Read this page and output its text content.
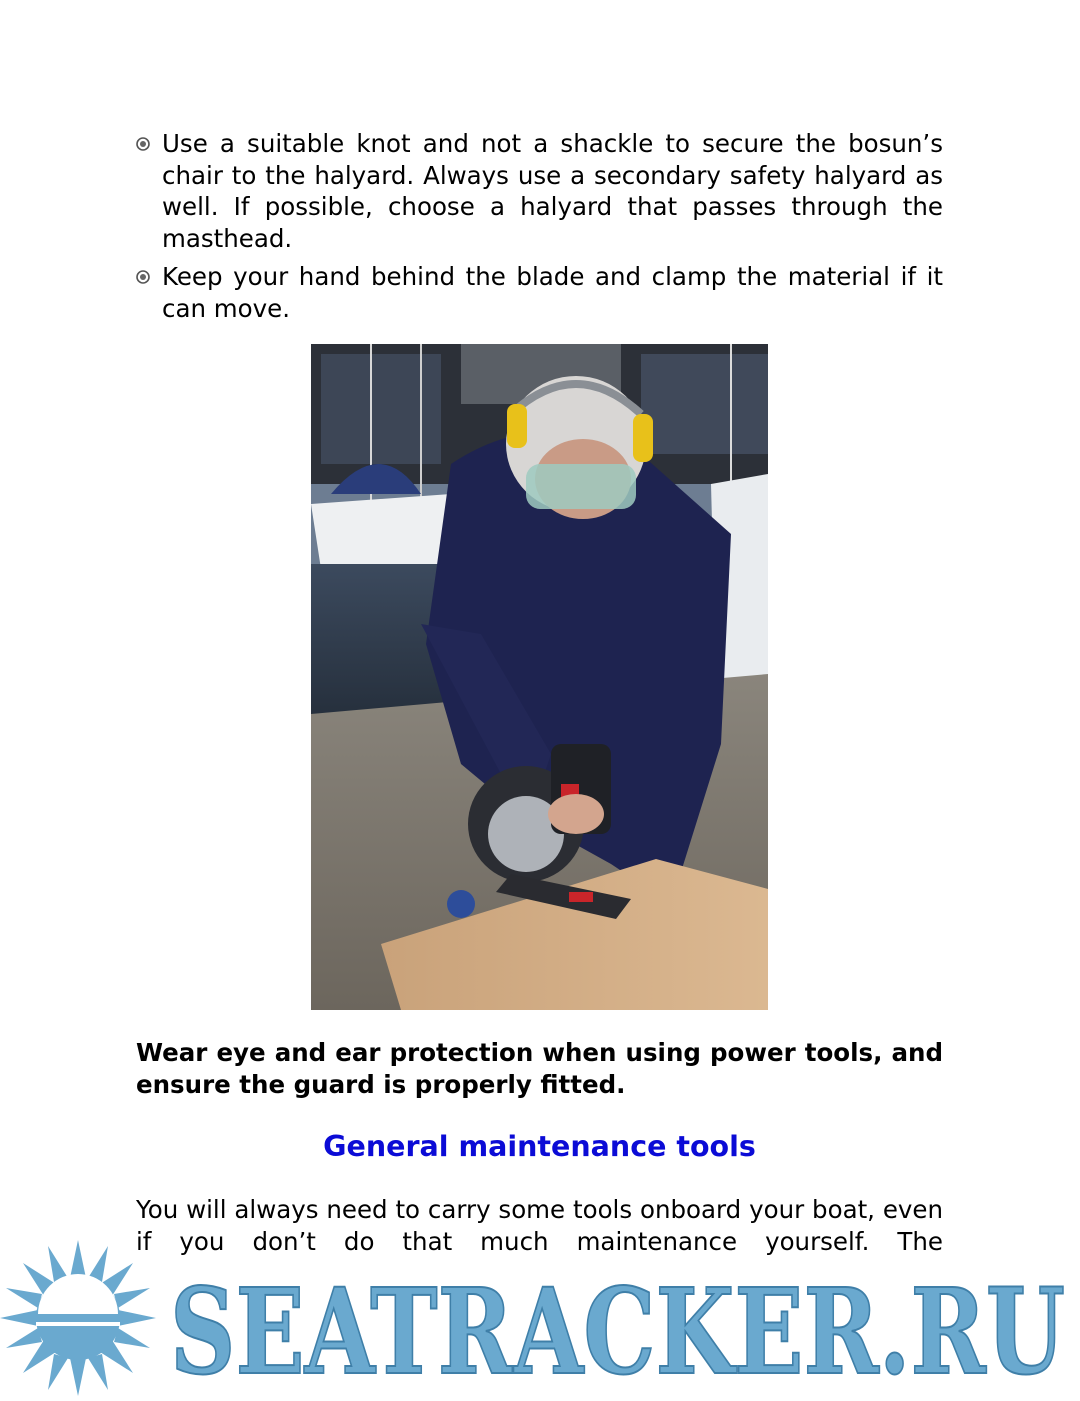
Use a suitable knot and not a shackle to secure the bosun’s chair to the halyard. Always use a secondary safety halyard as well. If possible, choose a halyard that passes through the masthead.
Keep your hand behind the blade and clamp the material if it can move.
Wear eye and ear protection when using power tools, and ensure the guard is properly fitted.
General maintenance tools
You will always need to carry some tools onboard your boat, even if you don’t do that much maintenance yourself. The
SEATRACKER.RU
